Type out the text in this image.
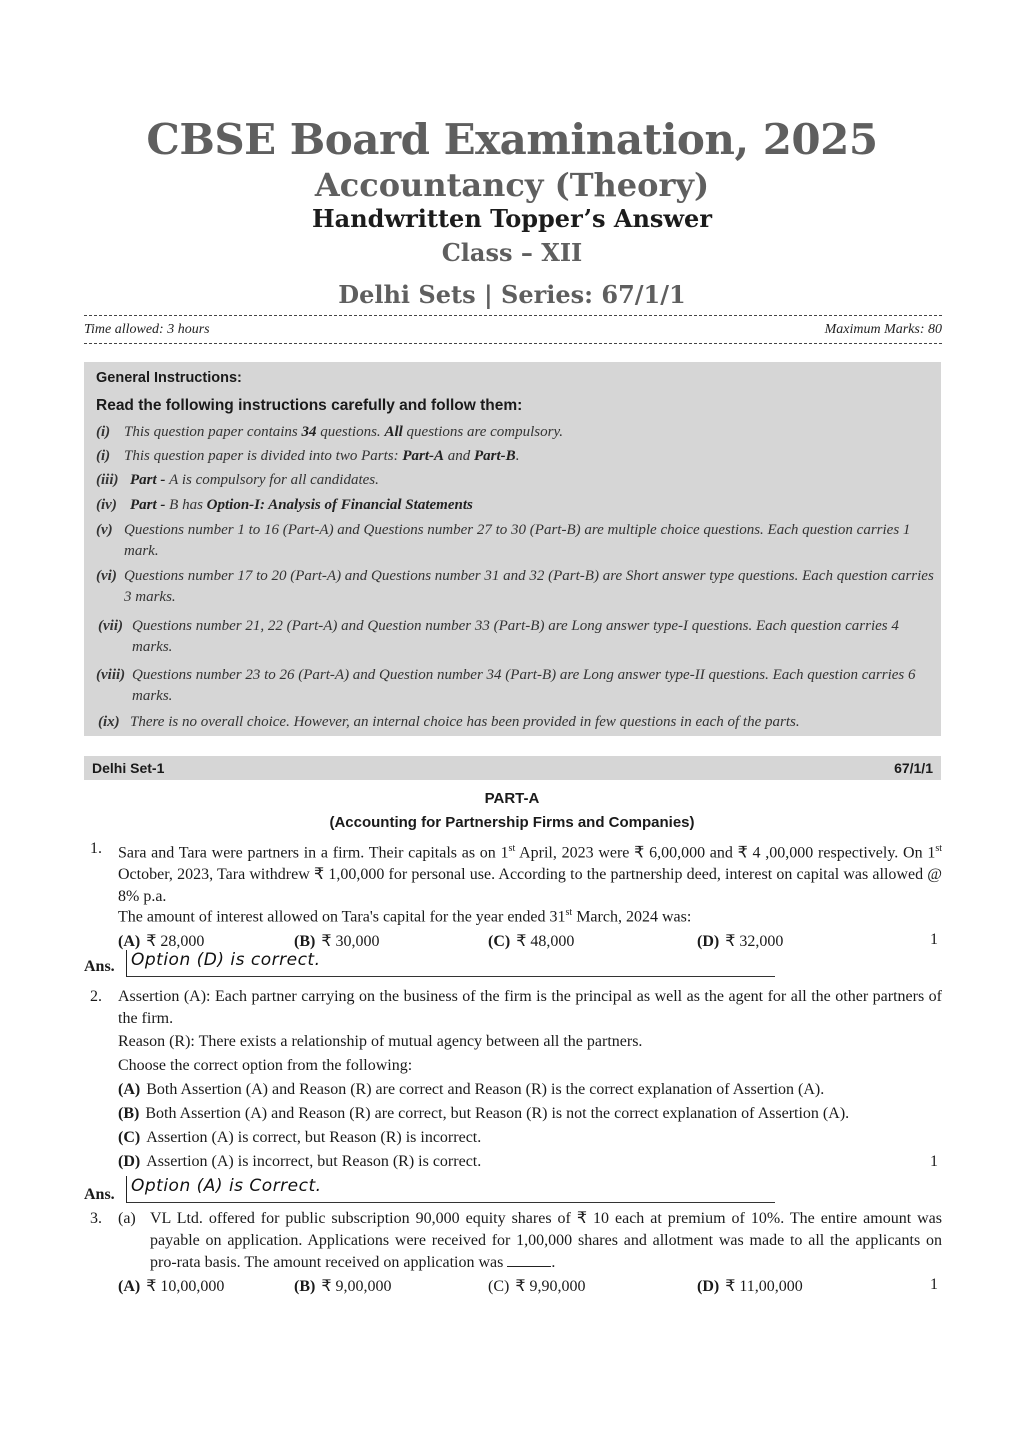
CBSE Board Examination, 2025
Accountancy (Theory)
Handwritten Topper’s Answer
Class – XII
Delhi Sets | Series: 67/1/1
Time allowed: 3 hours	Maximum Marks: 80
General Instructions:
Read the following instructions carefully and follow them:
(i) This question paper contains 34 questions. All questions are compulsory.
(i) This question paper is divided into two Parts: Part-A and Part-B.
(iii) Part - A is compulsory for all candidates.
(iv) Part - B has Option-I: Analysis of Financial Statements
(v) Questions number 1 to 16 (Part-A) and Questions number 27 to 30 (Part-B) are multiple choice questions. Each question carries 1 mark.
(vi) Questions number 17 to 20 (Part-A) and Questions number 31 and 32 (Part-B) are Short answer type questions. Each question carries 3 marks.
(vii) Questions number 21, 22 (Part-A) and Question number 33 (Part-B) are Long answer type-I questions. Each question carries 4 marks.
(viii) Questions number 23 to 26 (Part-A) and Question number 34 (Part-B) are Long answer type-II questions. Each question carries 6 marks.
(ix) There is no overall choice. However, an internal choice has been provided in few questions in each of the parts.
Delhi Set-1	67/1/1
PART-A
(Accounting for Partnership Firms and Companies)
1.	Sara and Tara were partners in a firm. Their capitals as on 1st April, 2023 were ₹ 6,00,000 and ₹ 4 ,00,000 respectively. On 1st October, 2023, Tara withdrew ₹ 1,00,000 for personal use. According to the partnership deed, interest on capital was allowed @ 8% p.a.
The amount of interest allowed on Tara's capital for the year ended 31st March, 2024 was:
(A) ₹ 28,000	(B) ₹ 30,000	(C) ₹ 48,000	(D) ₹ 32,000	1
Ans. Option (D) is correct.
2.	Assertion (A): Each partner carrying on the business of the firm is the principal as well as the agent for all the other partners of the firm.
Reason (R): There exists a relationship of mutual agency between all the partners.
Choose the correct option from the following:
(A) Both Assertion (A) and Reason (R) are correct and Reason (R) is the correct explanation of Assertion (A).
(B) Both Assertion (A) and Reason (R) are correct, but Reason (R) is not the correct explanation of Assertion (A).
(C) Assertion (A) is correct, but Reason (R) is incorrect.
(D) Assertion (A) is incorrect, but Reason (R) is correct.	1
Ans. Option (A) is Correct.
3. (a) VL Ltd. offered for public subscription 90,000 equity shares of ₹ 10 each at premium of 10%. The entire amount was payable on application. Applications were received for 1,00,000 shares and allotment was made to all the applicants on pro-rata basis. The amount received on application was	.
(A) ₹ 10,00,000	(B) ₹ 9,00,000	(C) ₹ 9,90,000	(D) ₹ 11,00,000	1
